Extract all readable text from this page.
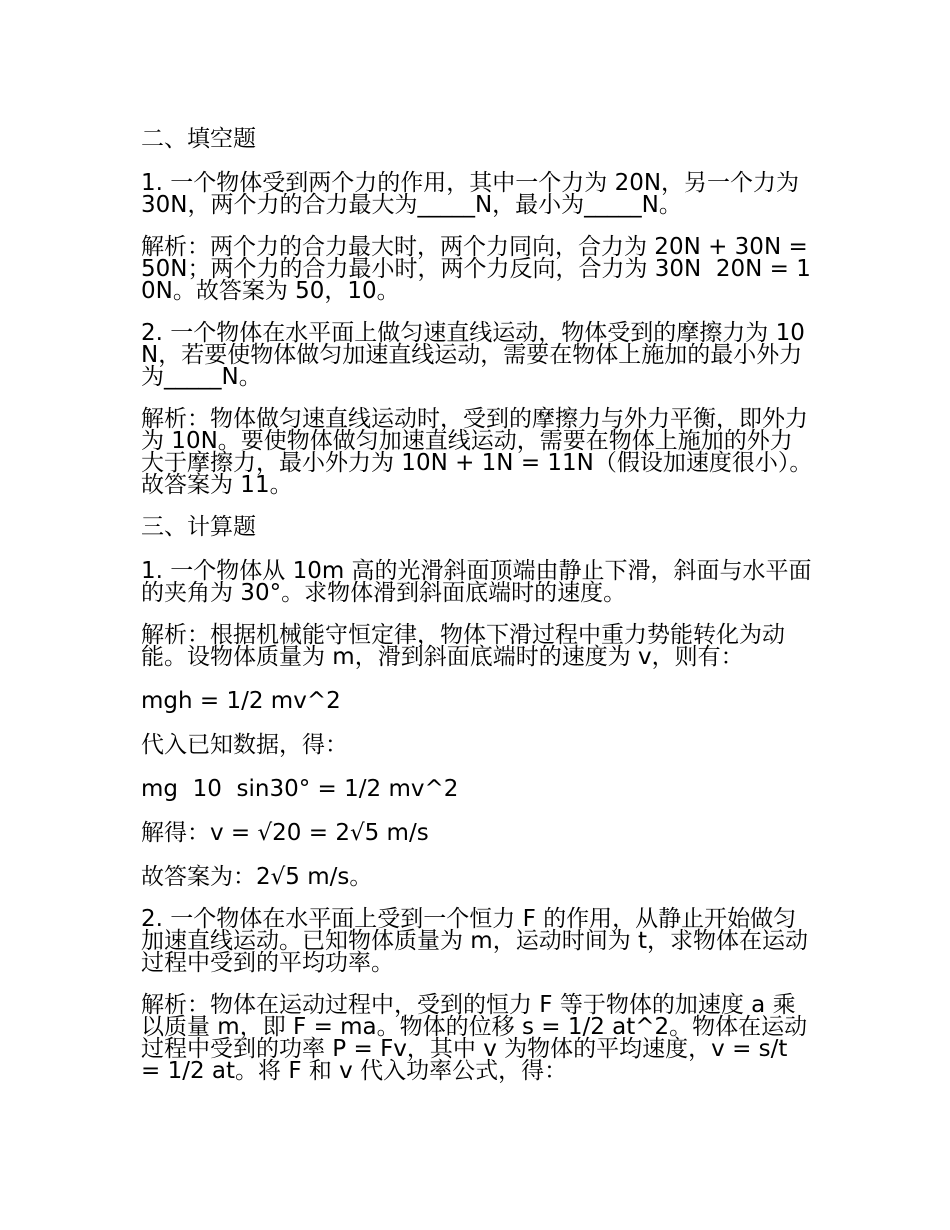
二、填空题
1. 一个物体受到两个力的作用，其中一个力为 20N，另一个力为 30N，两个力的合力最大为_____N，最小为_____N。
解析：两个力的合力最大时，两个力同向，合力为 20N + 30N = 50N；两个力的合力最小时，两个力反向，合力为 30N  20N = 10N。故答案为 50，10。
2. 一个物体在水平面上做匀速直线运动，物体受到的摩擦力为 10N，若要使物体做匀加速直线运动，需要在物体上施加的最小外力为_____N。
解析：物体做匀速直线运动时，受到的摩擦力与外力平衡，即外力为 10N。要使物体做匀加速直线运动，需要在物体上施加的外力大于摩擦力，最小外力为 10N + 1N = 11N（假设加速度很小）。故答案为 11。
三、计算题
1. 一个物体从 10m 高的光滑斜面顶端由静止下滑，斜面与水平面的夹角为 30°。求物体滑到斜面底端时的速度。
解析：根据机械能守恒定律，物体下滑过程中重力势能转化为动能。设物体质量为 m，滑到斜面底端时的速度为 v，则有：
mgh = 1/2 mv^2
代入已知数据，得：
mg  10  sin30° = 1/2 mv^2
解得：v = √20 = 2√5 m/s
故答案为：2√5 m/s。
2. 一个物体在水平面上受到一个恒力 F 的作用，从静止开始做匀加速直线运动。已知物体质量为 m，运动时间为 t，求物体在运动过程中受到的平均功率。
解析：物体在运动过程中，受到的恒力 F 等于物体的加速度 a 乘以质量 m，即 F = ma。物体的位移 s = 1/2 at^2。物体在运动过程中受到的功率 P = Fv，其中 v 为物体的平均速度，v = s/t = 1/2 at。将 F 和 v 代入功率公式，得：
